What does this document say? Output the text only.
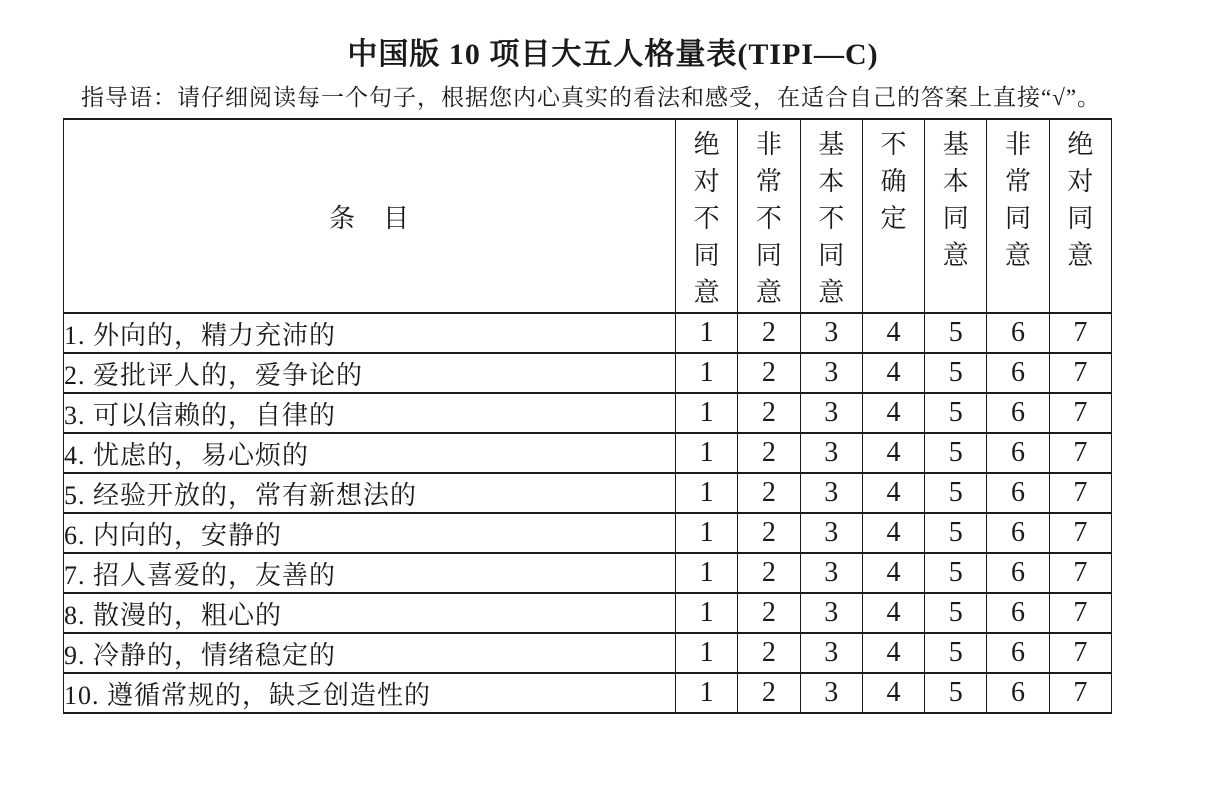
中国版 10 项目大五人格量表(TIPI—C)
指导语：请仔细阅读每一个句子，根据您内心真实的看法和感受，在适合自己的答案上直接“√”。
条　目	绝对不同意	非常不同意	基本不同意	不确定	基本同意	非常同意	绝对同意

1. 外向的，精力充沛的	1	2	3	4	5	6	7
2. 爱批评人的，爱争论的	1	2	3	4	5	6	7
3. 可以信赖的，自律的	1	2	3	4	5	6	7
4. 忧虑的，易心烦的	1	2	3	4	5	6	7
5. 经验开放的，常有新想法的	1	2	3	4	5	6	7
6. 内向的，安静的	1	2	3	4	5	6	7
7. 招人喜爱的，友善的	1	2	3	4	5	6	7
8. 散漫的，粗心的	1	2	3	4	5	6	7
9. 冷静的，情绪稳定的	1	2	3	4	5	6	7
10. 遵循常规的，缺乏创造性的	1	2	3	4	5	6	7
